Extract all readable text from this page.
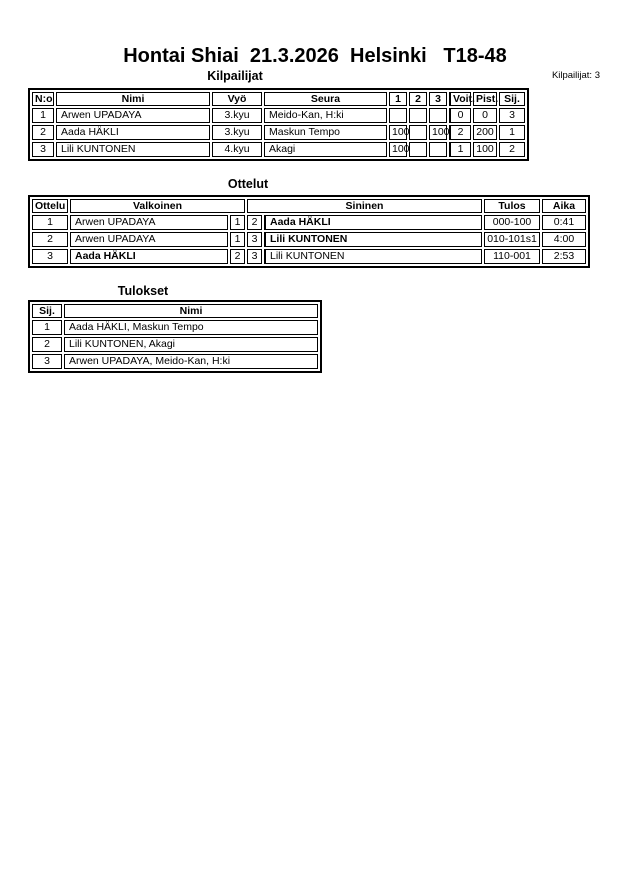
Hontai Shiai  21.3.2026  Helsinki   T18-48
Kilpailijat	Kilpailijat: 3
N:o	Nimi	Vyö	Seura	1	2	3	Voit.	Pist.	Sij.
1	Arwen UPADAYA	3.kyu	Meido-Kan, H:ki				0	0	3
2	Aada HÄKLI	3.kyu	Maskun Tempo	100		100	2	200	1
3	Lili KUNTONEN	4.kyu	Akagi	100			1	100	2
Ottelut
Ottelu	Valkoinen		Sininen		Tulos	Aika
1	Arwen UPADAYA	1	2	Aada HÄKLI	000-100	0:41
2	Arwen UPADAYA	1	3	Lili KUNTONEN	010-101s1	4:00
3	Aada HÄKLI	2	3	Lili KUNTONEN	110-001	2:53
Tulokset
Sij.	Nimi
1	Aada HÄKLI, Maskun Tempo
2	Lili KUNTONEN, Akagi
3	Arwen UPADAYA, Meido-Kan, H:ki
